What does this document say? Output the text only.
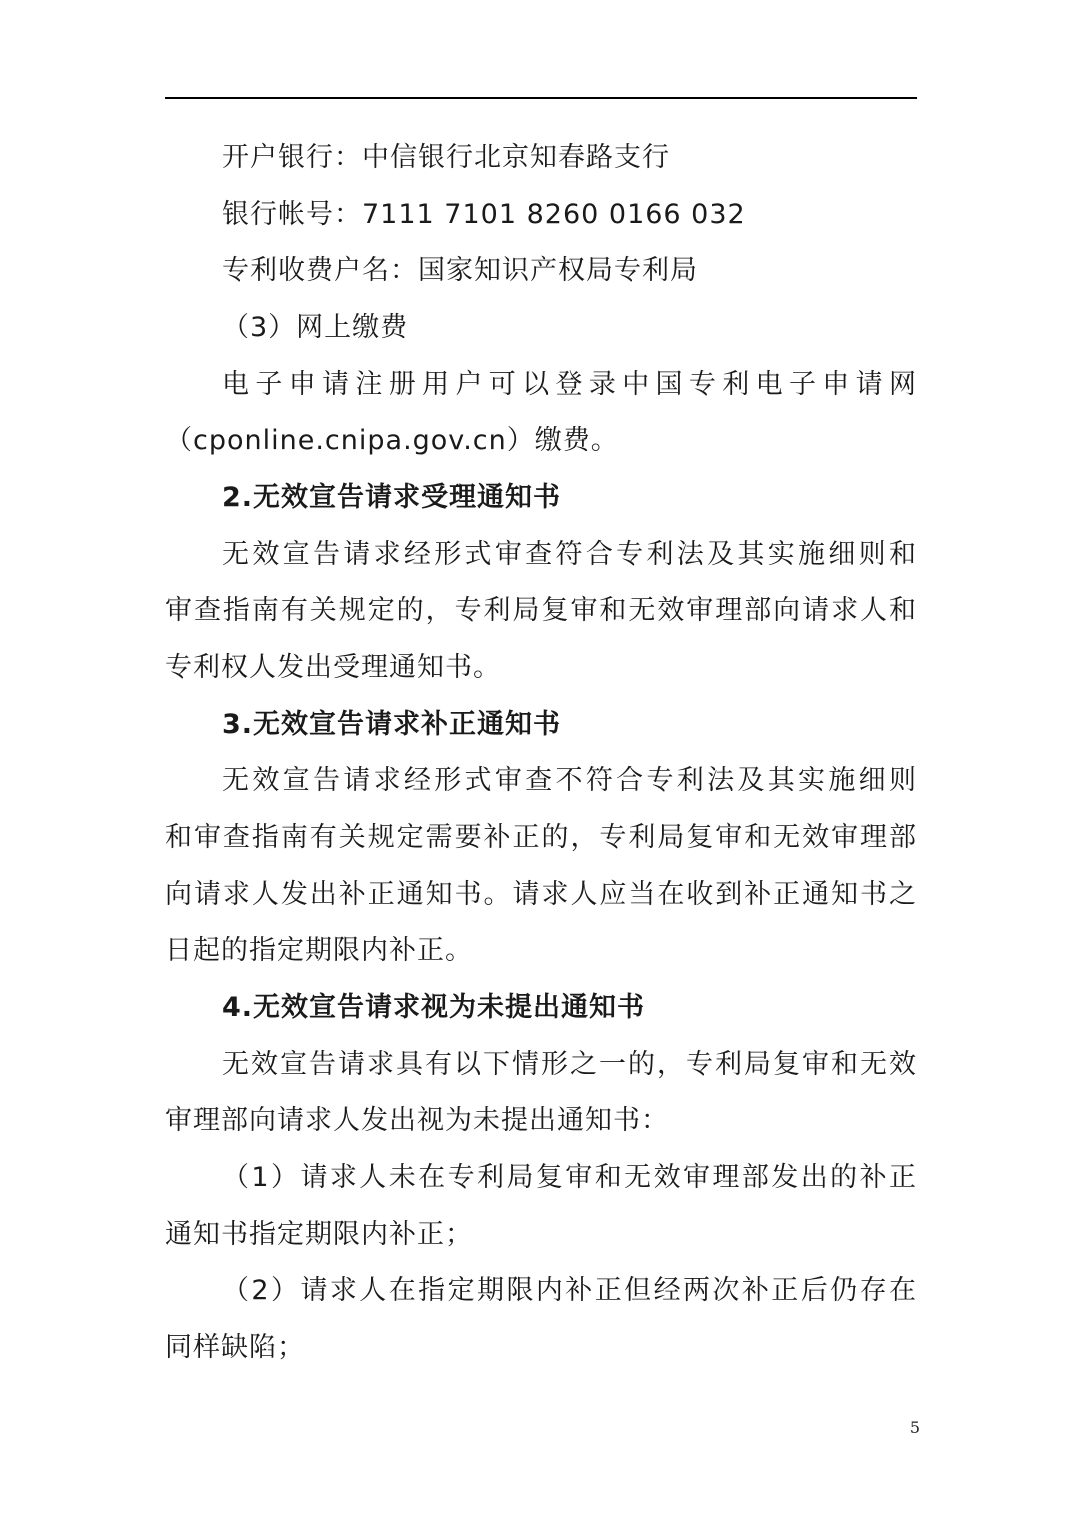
开户银行：中信银行北京知春路支行
银行帐号：7111 7101 8260 0166 032
专利收费户名：国家知识产权局专利局
（3）网上缴费
电子申请注册用户可以登录中国专利电子申请网
（cponline.cnipa.gov.cn）缴费。
2.无效宣告请求受理通知书
无效宣告请求经形式审查符合专利法及其实施细则和
审查指南有关规定的，专利局复审和无效审理部向请求人和
专利权人发出受理通知书。
3.无效宣告请求补正通知书
无效宣告请求经形式审查不符合专利法及其实施细则
和审查指南有关规定需要补正的，专利局复审和无效审理部
向请求人发出补正通知书。请求人应当在收到补正通知书之
日起的指定期限内补正。
4.无效宣告请求视为未提出通知书
无效宣告请求具有以下情形之一的，专利局复审和无效
审理部向请求人发出视为未提出通知书：
（1）请求人未在专利局复审和无效审理部发出的补正
通知书指定期限内补正；
（2）请求人在指定期限内补正但经两次补正后仍存在
同样缺陷；
5
